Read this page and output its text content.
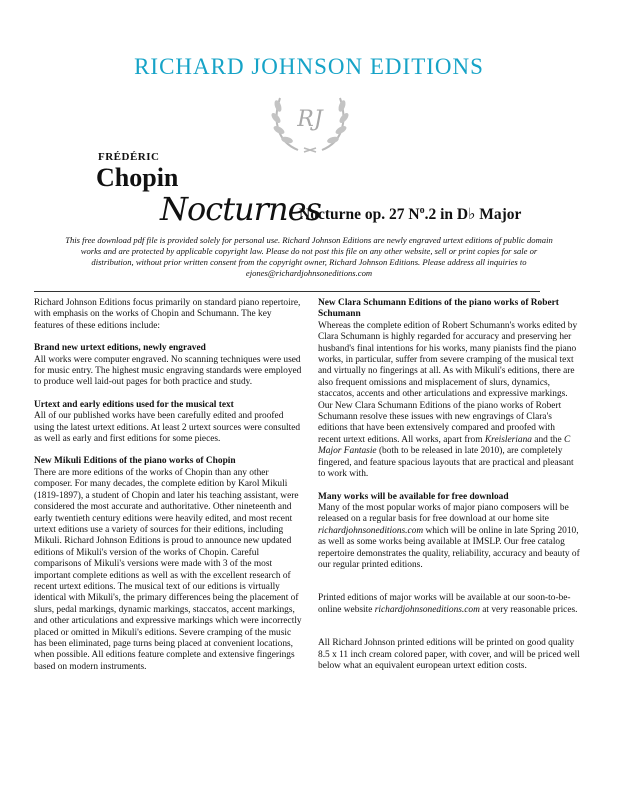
RICHARD JOHNSON EDITIONS
RJ
FRÉDÉRIC
Chopin
Nocturnes
Nocturne op. 27 $N^o.2$ in D♭ Major
This free download pdf file is provided solely for personal use. Richard Johnson Editions are newly engraved urtext editions of public domain works and are protected by applicable copyright law. Please do not post this file on any other website, sell or print copies for sale or distribution, without prior written consent from the copyright owner, Richard Johnson Editions. Please address all inquiries to ejones@richardjohnsoneditions.com

Richard Johnson Editions focus primarily on standard piano repertoire, with emphasis on the works of Chopin and Schumann. The key features of these editions include:

Brand new urtext editions, newly engraved

All works were computer engraved. No scanning techniques were used for music entry. The highest music engraving standards were employed to produce well laid-out pages for both practice and study.

Urtext and early editions used for the musical text

All of our published works have been carefully edited and proofed using the latest urtext editions. At least 2 urtext sources were consulted as well as early and first editions for some pieces.

New Mikuli Editions of the piano works of Chopin

There are more editions of the works of Chopin than any other composer. For many decades, the complete edition by Karol Mikuli (1819-1897), a student of Chopin and later his teaching assistant, were considered the most accurate and authoritative. Other nineteenth and early twentieth century editions were heavily edited, and most recent urtext editions use a variety of sources for their editions, including Mikuli. Richard Johnson Editions is proud to announce new updated editions of Mikuli's version of the works of Chopin. Careful comparisons of Mikuli's versions were made with 3 of the most important complete editions as well as with the excellent research of recent urtext editions. The musical text of our editions is virtually identical with Mikuli's, the primary differences being the placement of slurs, pedal markings, dynamic markings, staccatos, accent markings, and other articulations and expressive markings which were incorrectly placed or omitted in Mikuli's editions. Severe cramping of the music has been eliminated, page turns being placed at convenient locations, when possible. All editions feature complete and extensive fingerings based on modern instruments.

New Clara Schumann Editions of the piano works of Robert Schumann

Whereas the complete edition of Robert Schumann's works edited by Clara Schumann is highly regarded for accuracy and preserving her husband's final intentions for his works, many pianists find the piano works, in particular, suffer from severe cramping of the musical text and virtually no fingerings at all. As with Mikuli's editions, there are also frequent omissions and misplacement of slurs, dynamics, staccatos, accents and other articulations and expressive markings. Our New Clara Schumann Editions of the piano works of Robert Schumann resolve these issues with new engravings of Clara's editions that have been extensively compared and proofed with recent urtext editions. All works, apart from Kreisleriana and the C Major Fantasie (both to be released in late 2010), are completely fingered, and feature spacious layouts that are practical and pleasant to work with.

Many works will be available for free download

Many of the most popular works of major piano composers will be released on a regular basis for free download at our home site richardjohnsoneditions.com which will be online in late Spring 2010, as well as some works being available at IMSLP. Our free catalog repertoire demonstrates the quality, reliability, accuracy and beauty of our regular printed editions.

Printed editions of major works will be available at our soon-to-be-online website richardjohnsoneditions.com at very reasonable prices.

All Richard Johnson printed editions will be printed on good quality 8.5 x 11 inch cream colored paper, with cover, and will be priced well below what an equivalent european urtext edition costs.
